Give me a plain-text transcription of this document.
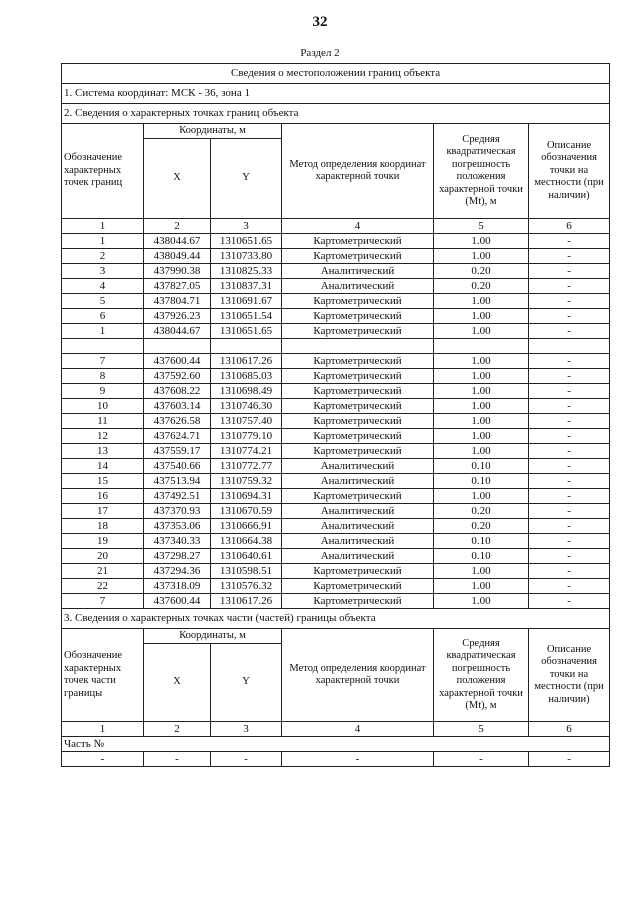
32
Раздел 2
Сведения о местоположении границ объекта					
1. Система координат: МСК - 36, зона 1					
2. Сведения о характерных точках границ объекта					
Обозначение характерных точек границ	Координаты, м		Метод определения координат характерной точки	Средняя квадратическая погрешность положения характерной точки (Mt), м	Описание обозначения точки на местности (при наличии)
	X	Y			
1	2	3	4	5	6
1	438044.67	1310651.65	Картометрический	1.00	-
2	438049.44	1310733.80	Картометрический	1.00	-
3	437990.38	1310825.33	Аналитический	0.20	-
4	437827.05	1310837.31	Аналитический	0.20	-
5	437804.71	1310691.67	Картометрический	1.00	-
6	437926.23	1310651.54	Картометрический	1.00	-
1	438044.67	1310651.65	Картометрический	1.00	-

7	437600.44	1310617.26	Картометрический	1.00	-
8	437592.60	1310685.03	Картометрический	1.00	-
9	437608.22	1310698.49	Картометрический	1.00	-
10	437603.14	1310746.30	Картометрический	1.00	-
11	437626.58	1310757.40	Картометрический	1.00	-
12	437624.71	1310779.10	Картометрический	1.00	-
13	437559.17	1310774.21	Картометрический	1.00	-
14	437540.66	1310772.77	Аналитический	0.10	-
15	437513.94	1310759.32	Аналитический	0.10	-
16	437492.51	1310694.31	Картометрический	1.00	-
17	437370.93	1310670.59	Аналитический	0.20	-
18	437353.06	1310666.91	Аналитический	0.20	-
19	437340.33	1310664.38	Аналитический	0.10	-
20	437298.27	1310640.61	Аналитический	0.10	-
21	437294.36	1310598.51	Картометрический	1.00	-
22	437318.09	1310576.32	Картометрический	1.00	-
7	437600.44	1310617.26	Картометрический	1.00	-
3. Сведения о характерных точках части (частей) границы объекта					
Обозначение характерных точек части границы	Координаты, м		Метод определения координат характерной точки	Средняя квадратическая погрешность положения характерной точки (Mt), м	Описание обозначения точки на местности (при наличии)
	X	Y			
1	2	3	4	5	6
Часть №					
-	-	-	-	-	-
